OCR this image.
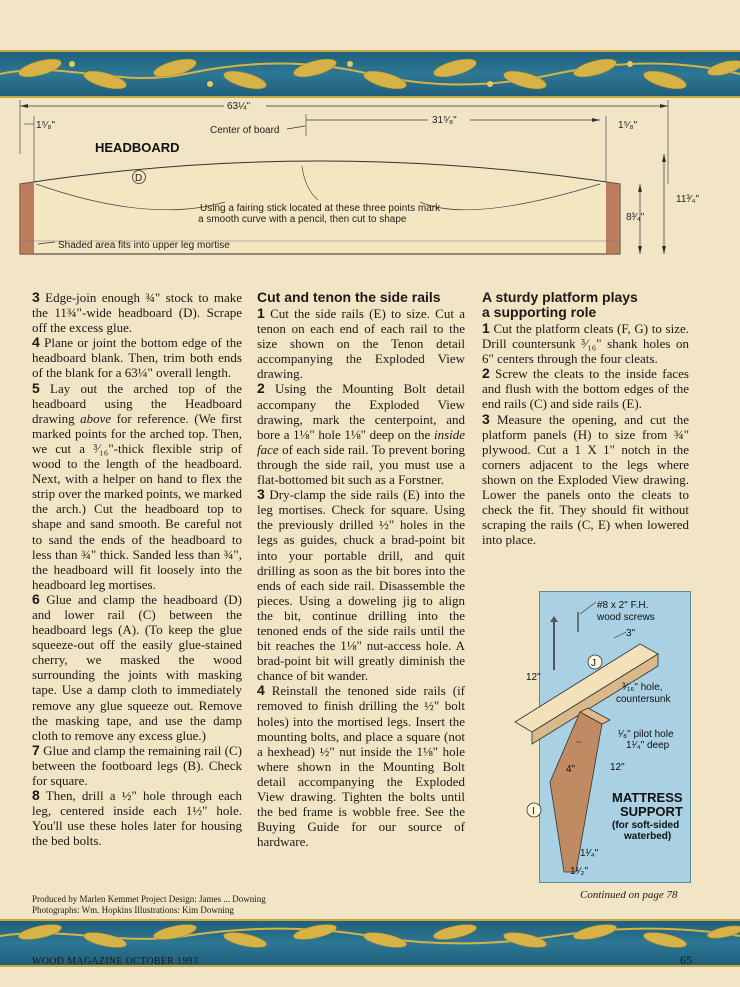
63¼"
31⁵⁄₈"
1⁵⁄₈"	1⁵⁄₈"
HEADBOARD
Center of board
D
Using a fairing stick located at these three points mark
a smooth curve with a pencil, then cut to shape
Shaded area fits into upper leg mortise
11³⁄₄"
8³⁄₄"

3 Edge-join enough ¾" stock to make the 11¾"-wide headboard (D). Scrape off the excess glue.

4 Plane or joint the bottom edge of the headboard blank. Then, trim both ends of the blank for a 63¼" overall length.

5 Lay out the arched top of the headboard using the Headboard drawing above for reference. (We first marked points for the arched top. Then, we cut a ³⁄₁₆"-thick flexible strip of wood to the length of the headboard. Next, with a helper on hand to flex the strip over the marked points, we marked the arch.) Cut the headboard top to shape and sand smooth. Be careful not to sand the ends of the headboard to less than ¾" thick. Sanded less than ¾", the headboard will fit loosely into the headboard leg mortises.

6 Glue and clamp the headboard (D) and lower rail (C) between the headboard legs (A). (To keep the glue squeeze-out off the easily glue-stained cherry, we masked the wood surrounding the joints with masking tape. Use a damp cloth to immediately remove any glue squeeze out. Remove the masking tape, and use the damp cloth to remove any excess glue.)

7 Glue and clamp the remaining rail (C) between the footboard legs (B). Check for square.

8 Then, drill a ½" hole through each leg, centered inside each 1½" hole. You'll use these holes later for housing the bed bolts.

Cut and tenon the side rails

1 Cut the side rails (E) to size. Cut a tenon on each end of each rail to the size shown on the Tenon detail accompanying the Exploded View drawing.

2 Using the Mounting Bolt detail accompany the Exploded View drawing, mark the centerpoint, and bore a 1⅛" hole 1⅛" deep on the inside face of each side rail. To prevent boring through the side rail, you must use a flat-bottomed bit such as a Forstner.

3 Dry-clamp the side rails (E) into the leg mortises. Check for square. Using the previously drilled ½" holes in the legs as guides, chuck a brad-point bit into your portable drill, and quit drilling as soon as the bit bores into the ends of each side rail. Disassemble the pieces. Using a doweling jig to align the bit, continue drilling into the tenoned ends of the side rails until the bit reaches the 1⅛" nut-access hole. A brad-point bit will greatly diminish the chance of bit wander.

4 Reinstall the tenoned side rails (if removed to finish drilling the ½" bolt holes) into the mortised legs. Insert the mounting bolts, and place a square (not a hexhead) ½" nut inside the 1⅛" hole where shown in the Mounting Bolt detail accompanying the Exploded View drawing. Tighten the bolts until the bed frame is wobble free. See the Buying Guide for our source of hardware.

A sturdy platform plays
a supporting role

1 Cut the platform cleats (F, G) to size. Drill countersunk ³⁄₁₆" shank holes on 6" centers through the four cleats.

2 Screw the cleats to the inside faces and flush with the bottom edges of the end rails (C) and side rails (E).

3 Measure the opening, and cut the platform panels (H) to size from ¾" plywood. Cut a 1 X 1" notch in the corners adjacent to the legs where shown on the Exploded View drawing. Lower the panels onto the cleats to check the fit. They should fit without scraping the rails (C, E) when lowered into place.

#8 x 2" F.H.
wood screws
J
3"
12"
³⁄₁₆" hole,
countersunk
4"	12"
¹⁄₈" pilot hole
1¹⁄₄" deep
I
MATTRESS
SUPPORT
(for soft-sided
waterbed)
1¹⁄₄"
1¹⁄₂"
Produced by Marlen Kemmet Project Design: James ... Downing
Photographs: Wm. Hopkins Illustrations: Kim Downing
Continued on page 78
WOOD MAGAZINE OCTOBER 1993	65
